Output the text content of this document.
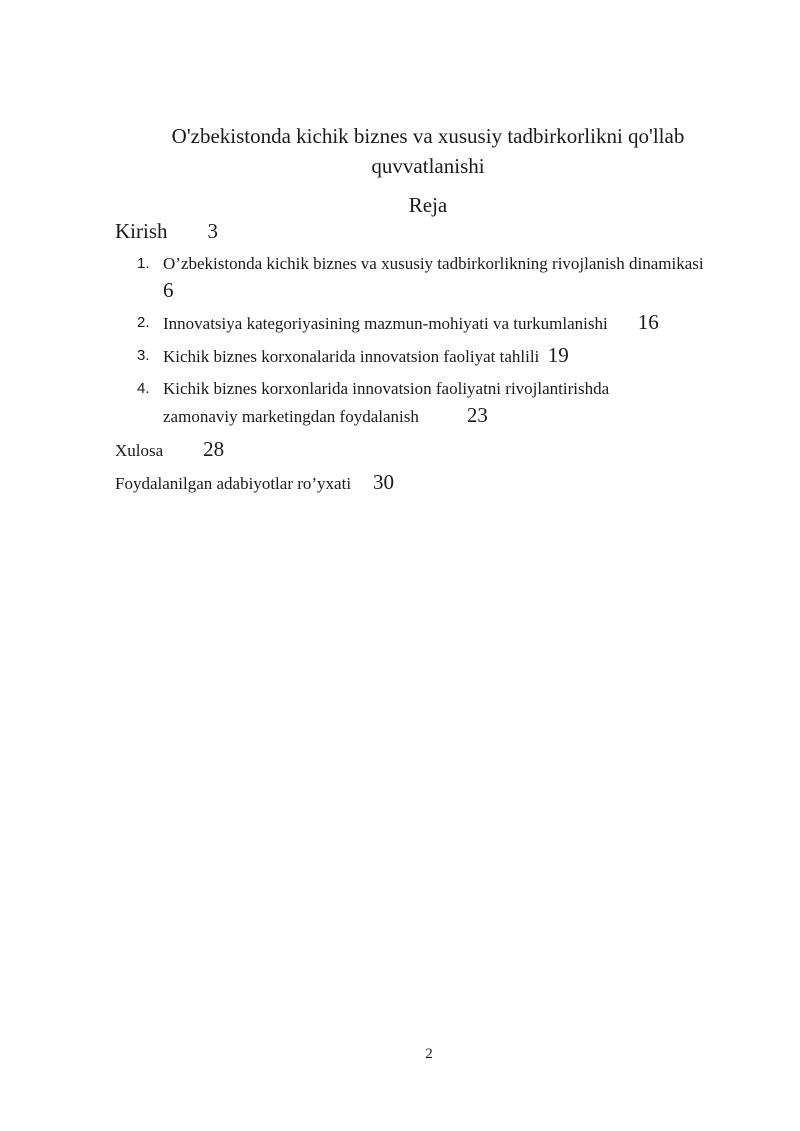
O'zbekistonda kichik biznes va xususiy tadbirkorlikni qo'llab quvvatlanishi
Reja
Kirish 3
1. O’zbekistonda kichik biznes va xususiy tadbirkorlikning rivojlanish dinamikasi  6
2. Innovatsiya kategoriyasining mazmun-mohiyati va turkumlanishi 16
3. Kichik biznes korxonalarida innovatsion faoliyat tahlili 19
4. Kichik biznes korxonlarida innovatsion faoliyatni rivojlantirishda zamonaviy marketingdan foydalanish 23
Xulosa 28
Foydalanilgan adabiyotlar ro’yxati 30
2
